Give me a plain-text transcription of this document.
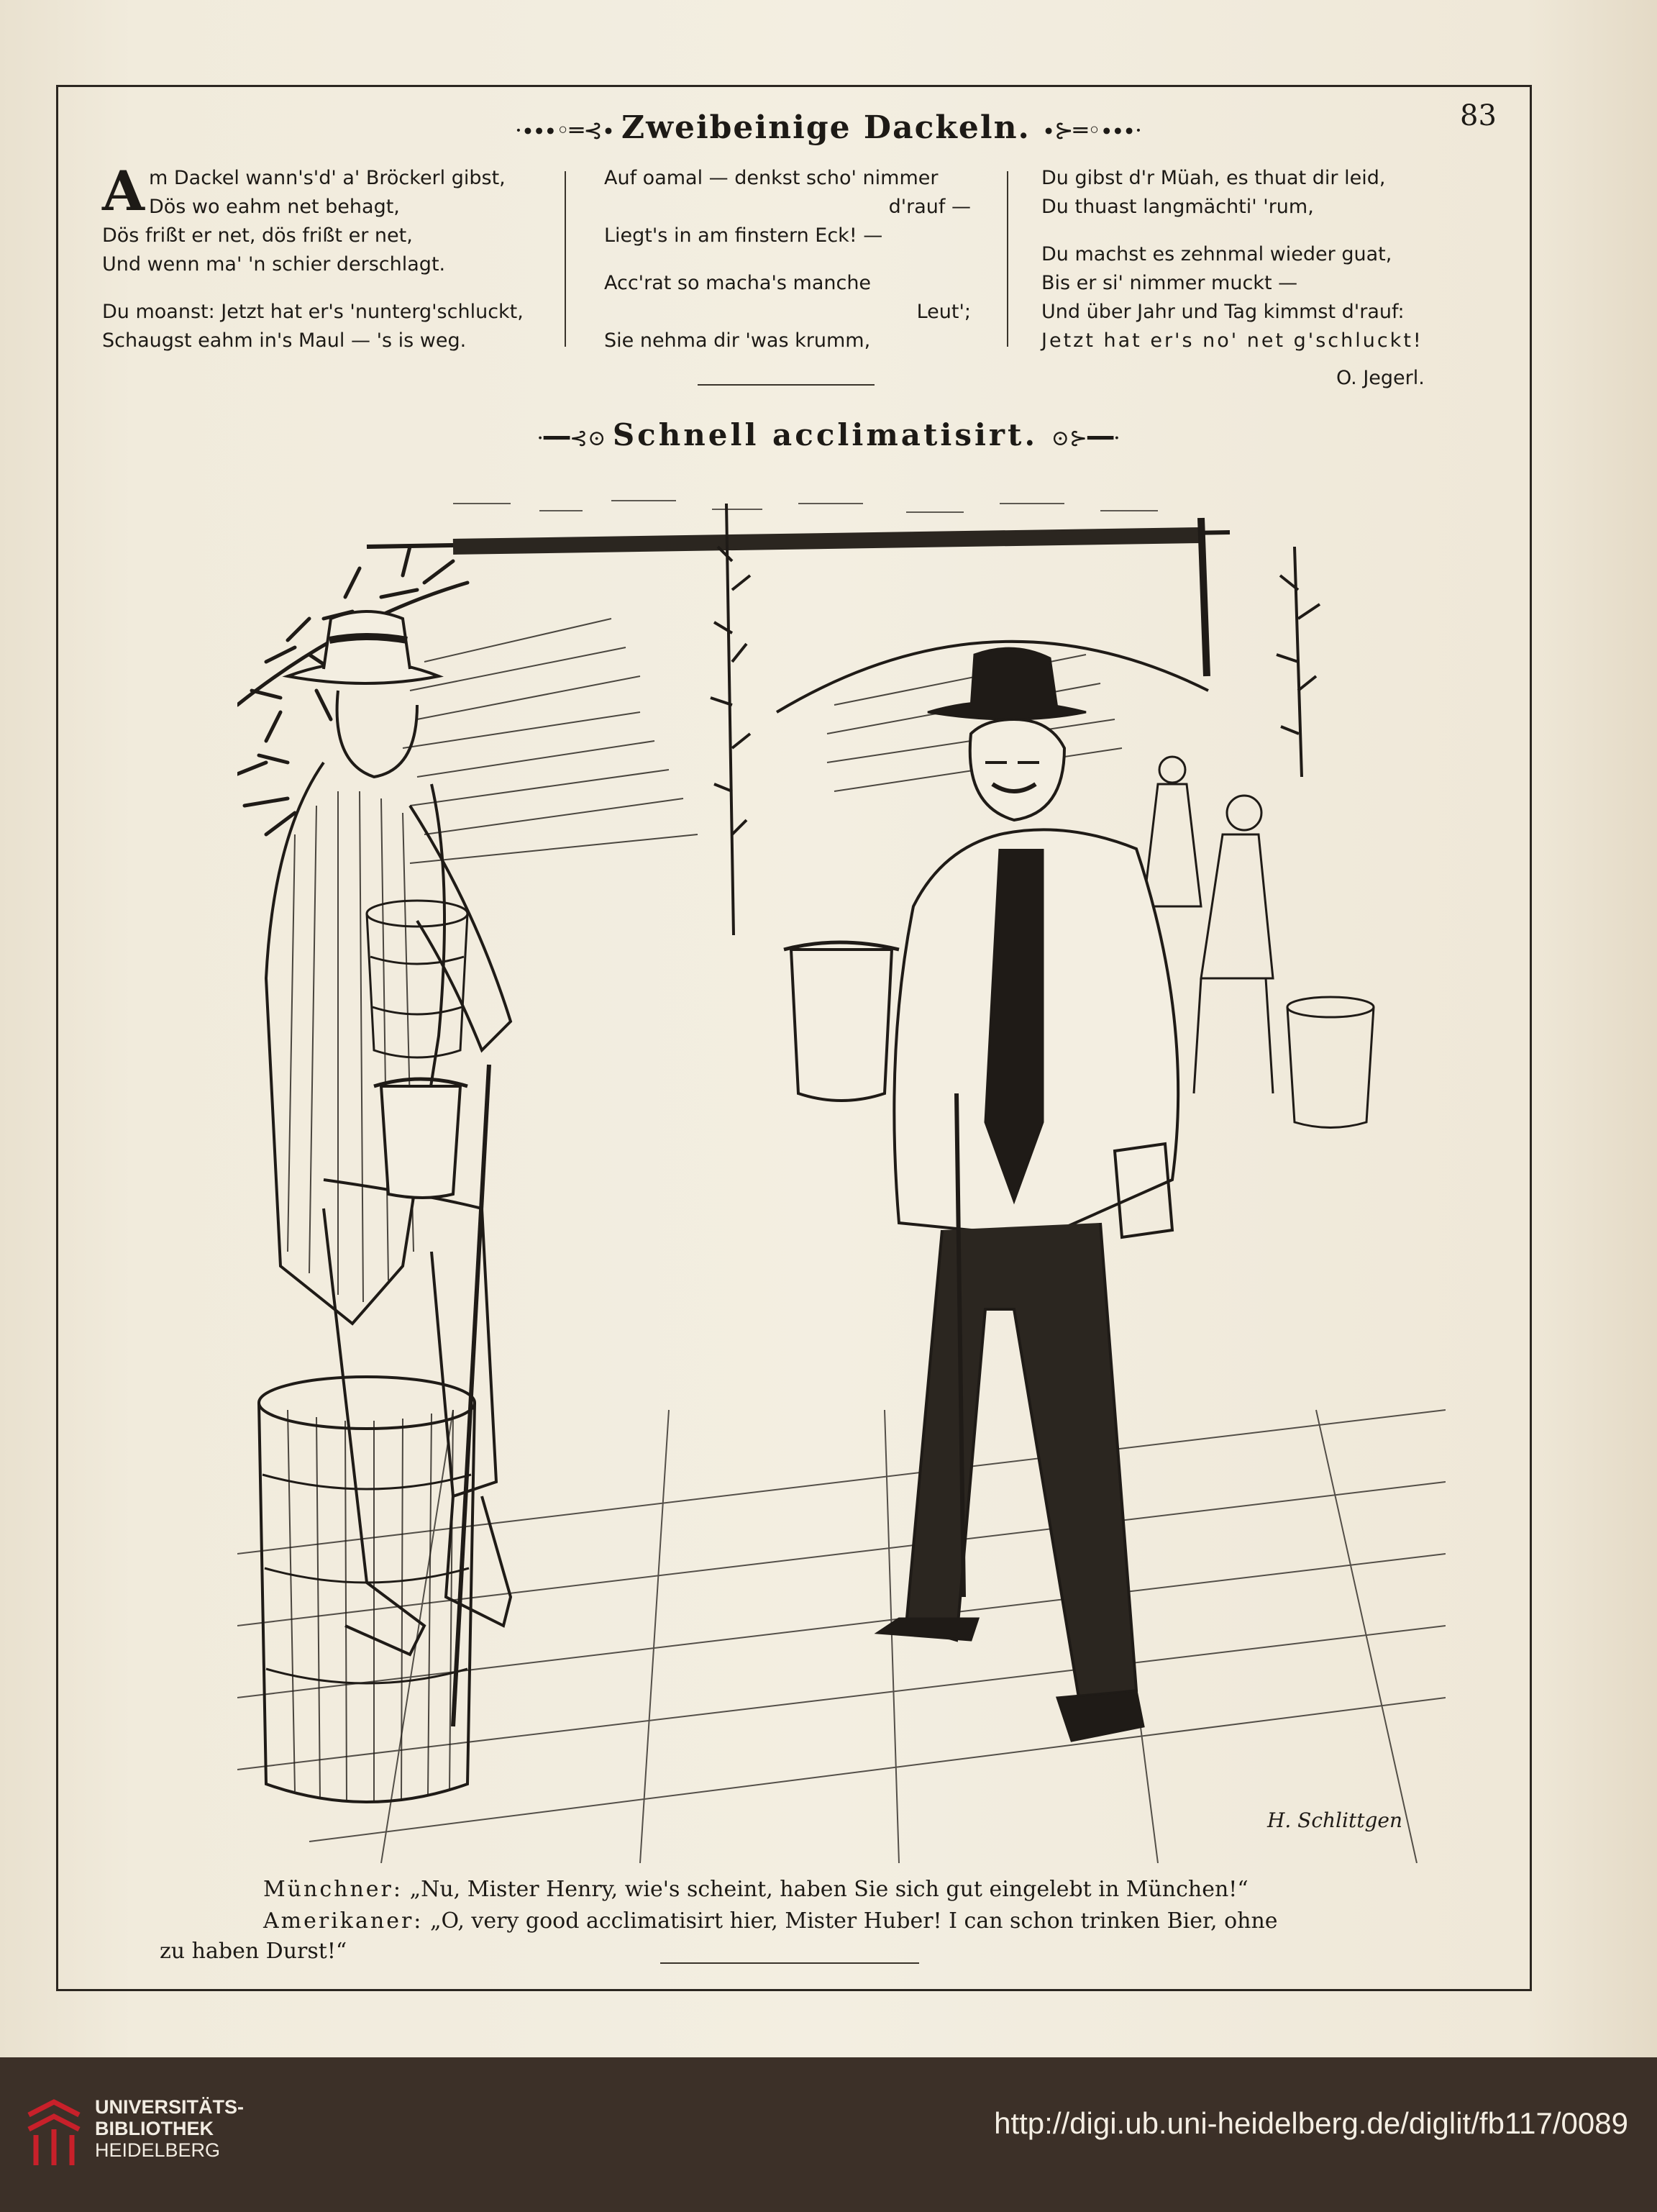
83
·∙∙∙◦═⊰∙ Zweibeinige Dackeln. ∙⊱═◦∙∙∙·
Am Dackel wann's'd' a' Bröckerl gibst,
Dös wo eahm net behagt,
Dös frißt er net, dös frißt er net,
Und wenn ma' 'n schier derschlagt.
Du moanst: Jetzt hat er's 'nunterg'schluckt,
Schaugst eahm in's Maul — 's is weg.
Auf oamal — denkst scho' nimmer
d'rauf —
Liegt's in am finstern Eck! —
Acc'rat so macha's manche
Leut';
Sie nehma dir 'was krumm,
Du gibst d'r Müah, es thuat dir leid,
Du thuast langmächti' 'rum,
Du machst es zehnmal wieder guat,
Bis er si' nimmer muckt —
Und über Jahr und Tag kimmst d'rauf:
Jetzt hat er's no' net g'schluckt!
O. Jegerl.
·━━⊰⊙ Schnell acclimatisirt. ⊙⊱━━·
H. Schlittgen
Münchner: „Nu, Mister Henry, wie's scheint, haben Sie sich gut eingelebt in München!“
Amerikaner: „O, very good acclimatisirt hier, Mister Huber! I can schon trinken Bier, ohne
zu haben Durst!“
UNIVERSITÄTS-
BIBLIOTHEK
HEIDELBERG
http://digi.ub.uni-heidelberg.de/diglit/fb117/0089
